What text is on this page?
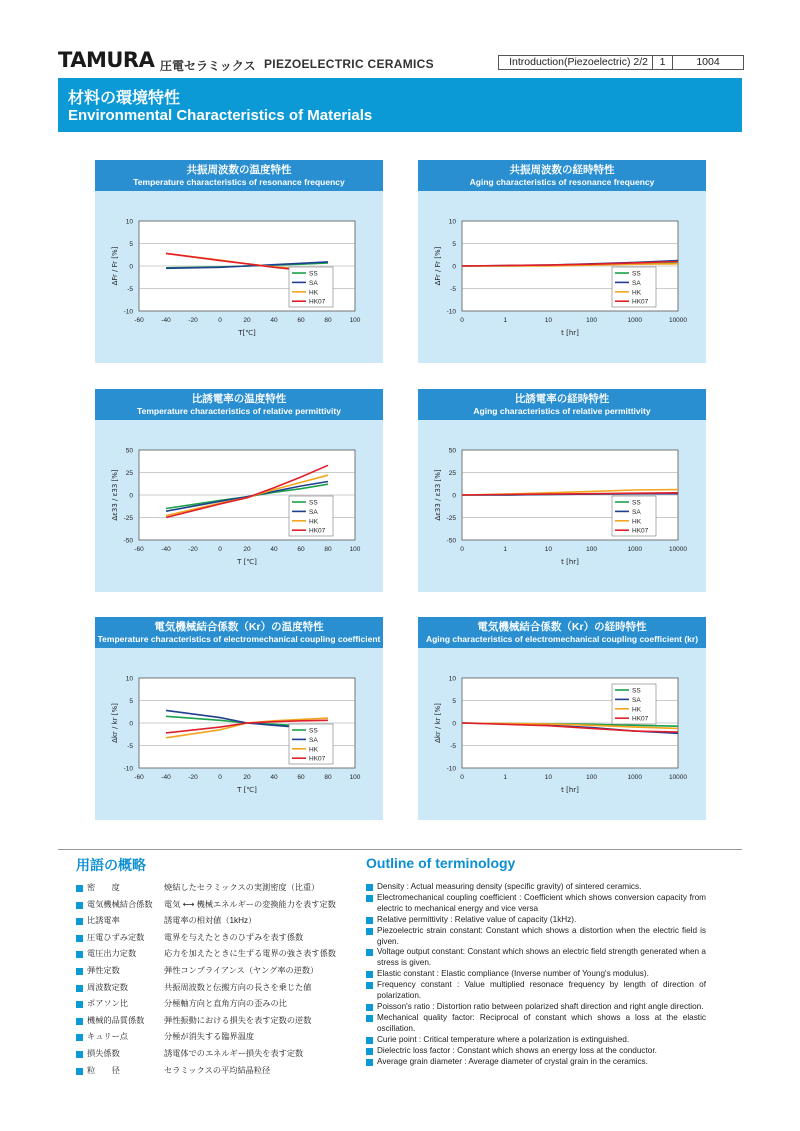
TAMURA 圧電セラミックス PIEZOELECTRIC CERAMICS	Introduction(Piezoelectric) 2/2	1	1004
材料の環境特性
Environmental Characteristics of Materials
共振周波数の温度特性
Temperature characteristics of resonance frequency
10
5
0
-5
-10
-60	-40	-20	0	20	40	60	80	100
T[℃]
ΔFr / Fr [%]	SS
SA
HK
HK07
共振周波数の経時特性
Aging characteristics of resonance frequency
10
5
0
-5
-10
0	1	10	100	1000	10000
t [hr]
ΔFr / Fr [%]	SS
SA
HK
HK07
比誘電率の温度特性
Temperature characteristics of relative permittivity
50
25
0
-25
-50
-60	-40	-20	0	20	40	60	80	100
T [℃]
Δε33 / ε33 [%]	SS
SA
HK
HK07
比誘電率の経時特性
Aging characteristics of relative permittivity
50
25
0
-25
-50
0	1	10	100	1000	10000
t [hr]
Δε33 / ε33 [%]	SS
SA
HK
HK07
電気機械結合係数（Kr）の温度特性
Temperature characteristics of electromechanical coupling coefficient
10
5
0
-5
-10
-60	-40	-20	0	20	40	60	80	100
T [℃]
Δkr / kr [%]	SS
SA
HK
HK07
電気機械結合係数（Kr）の経時特性
Aging characteristics of electromechanical coupling coefficient (kr)
10
5
0
-5
-10
0	1	10	100	1000	10000
t [hr]
Δkr / kr [%]
SS
SA
HK
HK07
用語の概略	Outline of terminology
密　　度	焼結したセラミックスの実測密度（比重）
電気機械結合係数 電気 ⟷ 機械エネルギーの変換能力を表す定数
比誘電率	誘電率の相対値（1kHz）
圧電ひずみ定数 電界を与えたときのひずみを表す係数
電圧出力定数	応力を加えたときに生ずる電界の強さ表す係数
弾性定数	弾性コンプライアンス（ヤング率の逆数）
周波数定数	共振周波数と伝搬方向の長さを乗じた値
ポアソン比	分極軸方向と直角方向の歪みの比
機械的品質係数 弾性振動における損失を表す定数の逆数
キュリー点	分極が消失する臨界温度
損失係数	誘電体でのエネルギー損失を表す定数
粒　　径	セラミックスの平均結晶粒径
Density : Actual measuring density (specific gravity) of sintered ceramics.
Electromechanical coupling coefficient : Coefficient which shows conversion capacity from electric to mechanical energy and vice versa
Relative permittivity : Relative value of capacity (1kHz).
Piezoelectric strain constant: Constant which shows a distortion when the electric field is given.
Voltage output constant: Constant which shows an electric field strength generated when a stress is given.
Elastic constant : Elastic compliance (Inverse number of Young's modulus).
Frequency constant : Value multiplied resonace frequency by length of direction of polarization.
Poisson's ratio : Distortion ratio between polarized shaft direction and right angle direction.
Mechanical quality factor: Reciprocal of constant which shows a loss at the elastic oscillation.
Curie point : Critical temperature where a polarization is extinguished.
Dielectric loss factor : Constant which shows an energy loss at the conductor.
Average grain diameter : Average diameter of crystal grain in the ceramics.
